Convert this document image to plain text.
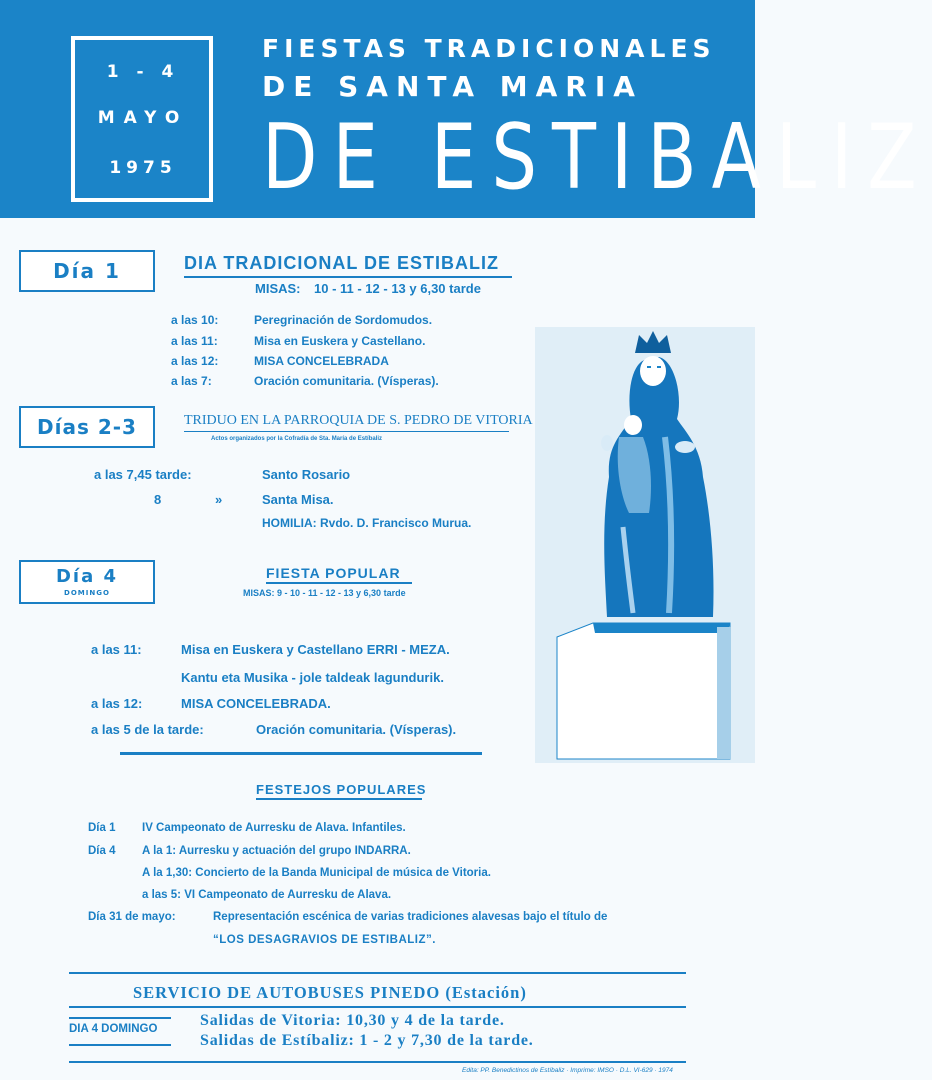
1 - 4
MAYO
1975
FIESTAS TRADICIONALES
DE SANTA MARIA
DE ESTIBALIZ
Día 1	DIA TRADICIONAL DE ESTIBALIZ
MISAS: 10 - 11 - 12 - 13 y 6,30 tarde
a las 10:	Peregrinación de Sordomudos.
a las 11:	Misa en Euskera y Castellano.
a las 12:	MISA CONCELEBRADA
a las 7:	Oración comunitaria. (Vísperas).
Días 2-3	TRIDUO EN LA PARROQUIA DE S. PEDRO DE VITORIA
Actos organizados por la Cofradía de Sta. María de Estíbaliz
a las 7,45 tarde:	Santo Rosario
8	»	Santa Misa.
HOMILIA: Rvdo. D. Francisco Murua.
Día 4
DOMINGO
FIESTA POPULAR
MISAS: 9 - 10 - 11 - 12 - 13 y 6,30 tarde
a las 11:	Misa en Euskera y Castellano ERRI - MEZA.
Kantu eta Musika - jole taldeak lagundurik.
a las 12:	MISA CONCELEBRADA.
a las 5 de la tarde:	Oración comunitaria. (Vísperas).
FESTEJOS POPULARES
Día 1 IV Campeonato de Aurresku de Alava. Infantiles.
Día 4 A la 1: Aurresku y actuación del grupo INDARRA.
A la 1,30: Concierto de la Banda Municipal de música de Vitoria.
a las 5: VI Campeonato de Aurresku de Alava.
Día 31 de mayo:	Representación escénica de varias tradiciones alavesas bajo el título de
“LOS DESAGRAVIOS DE ESTIBALIZ”.
SERVICIO DE AUTOBUSES PINEDO (Estación)
DIA 4 DOMINGO	Salidas de Vitoria: 10,30 y 4 de la tarde.
Salidas de Estíbaliz: 1 - 2 y 7,30 de la tarde.
Edita: PP. Benedictinos de Estíbaliz · Imprime: IMSO · D.L. VI-629 · 1974
